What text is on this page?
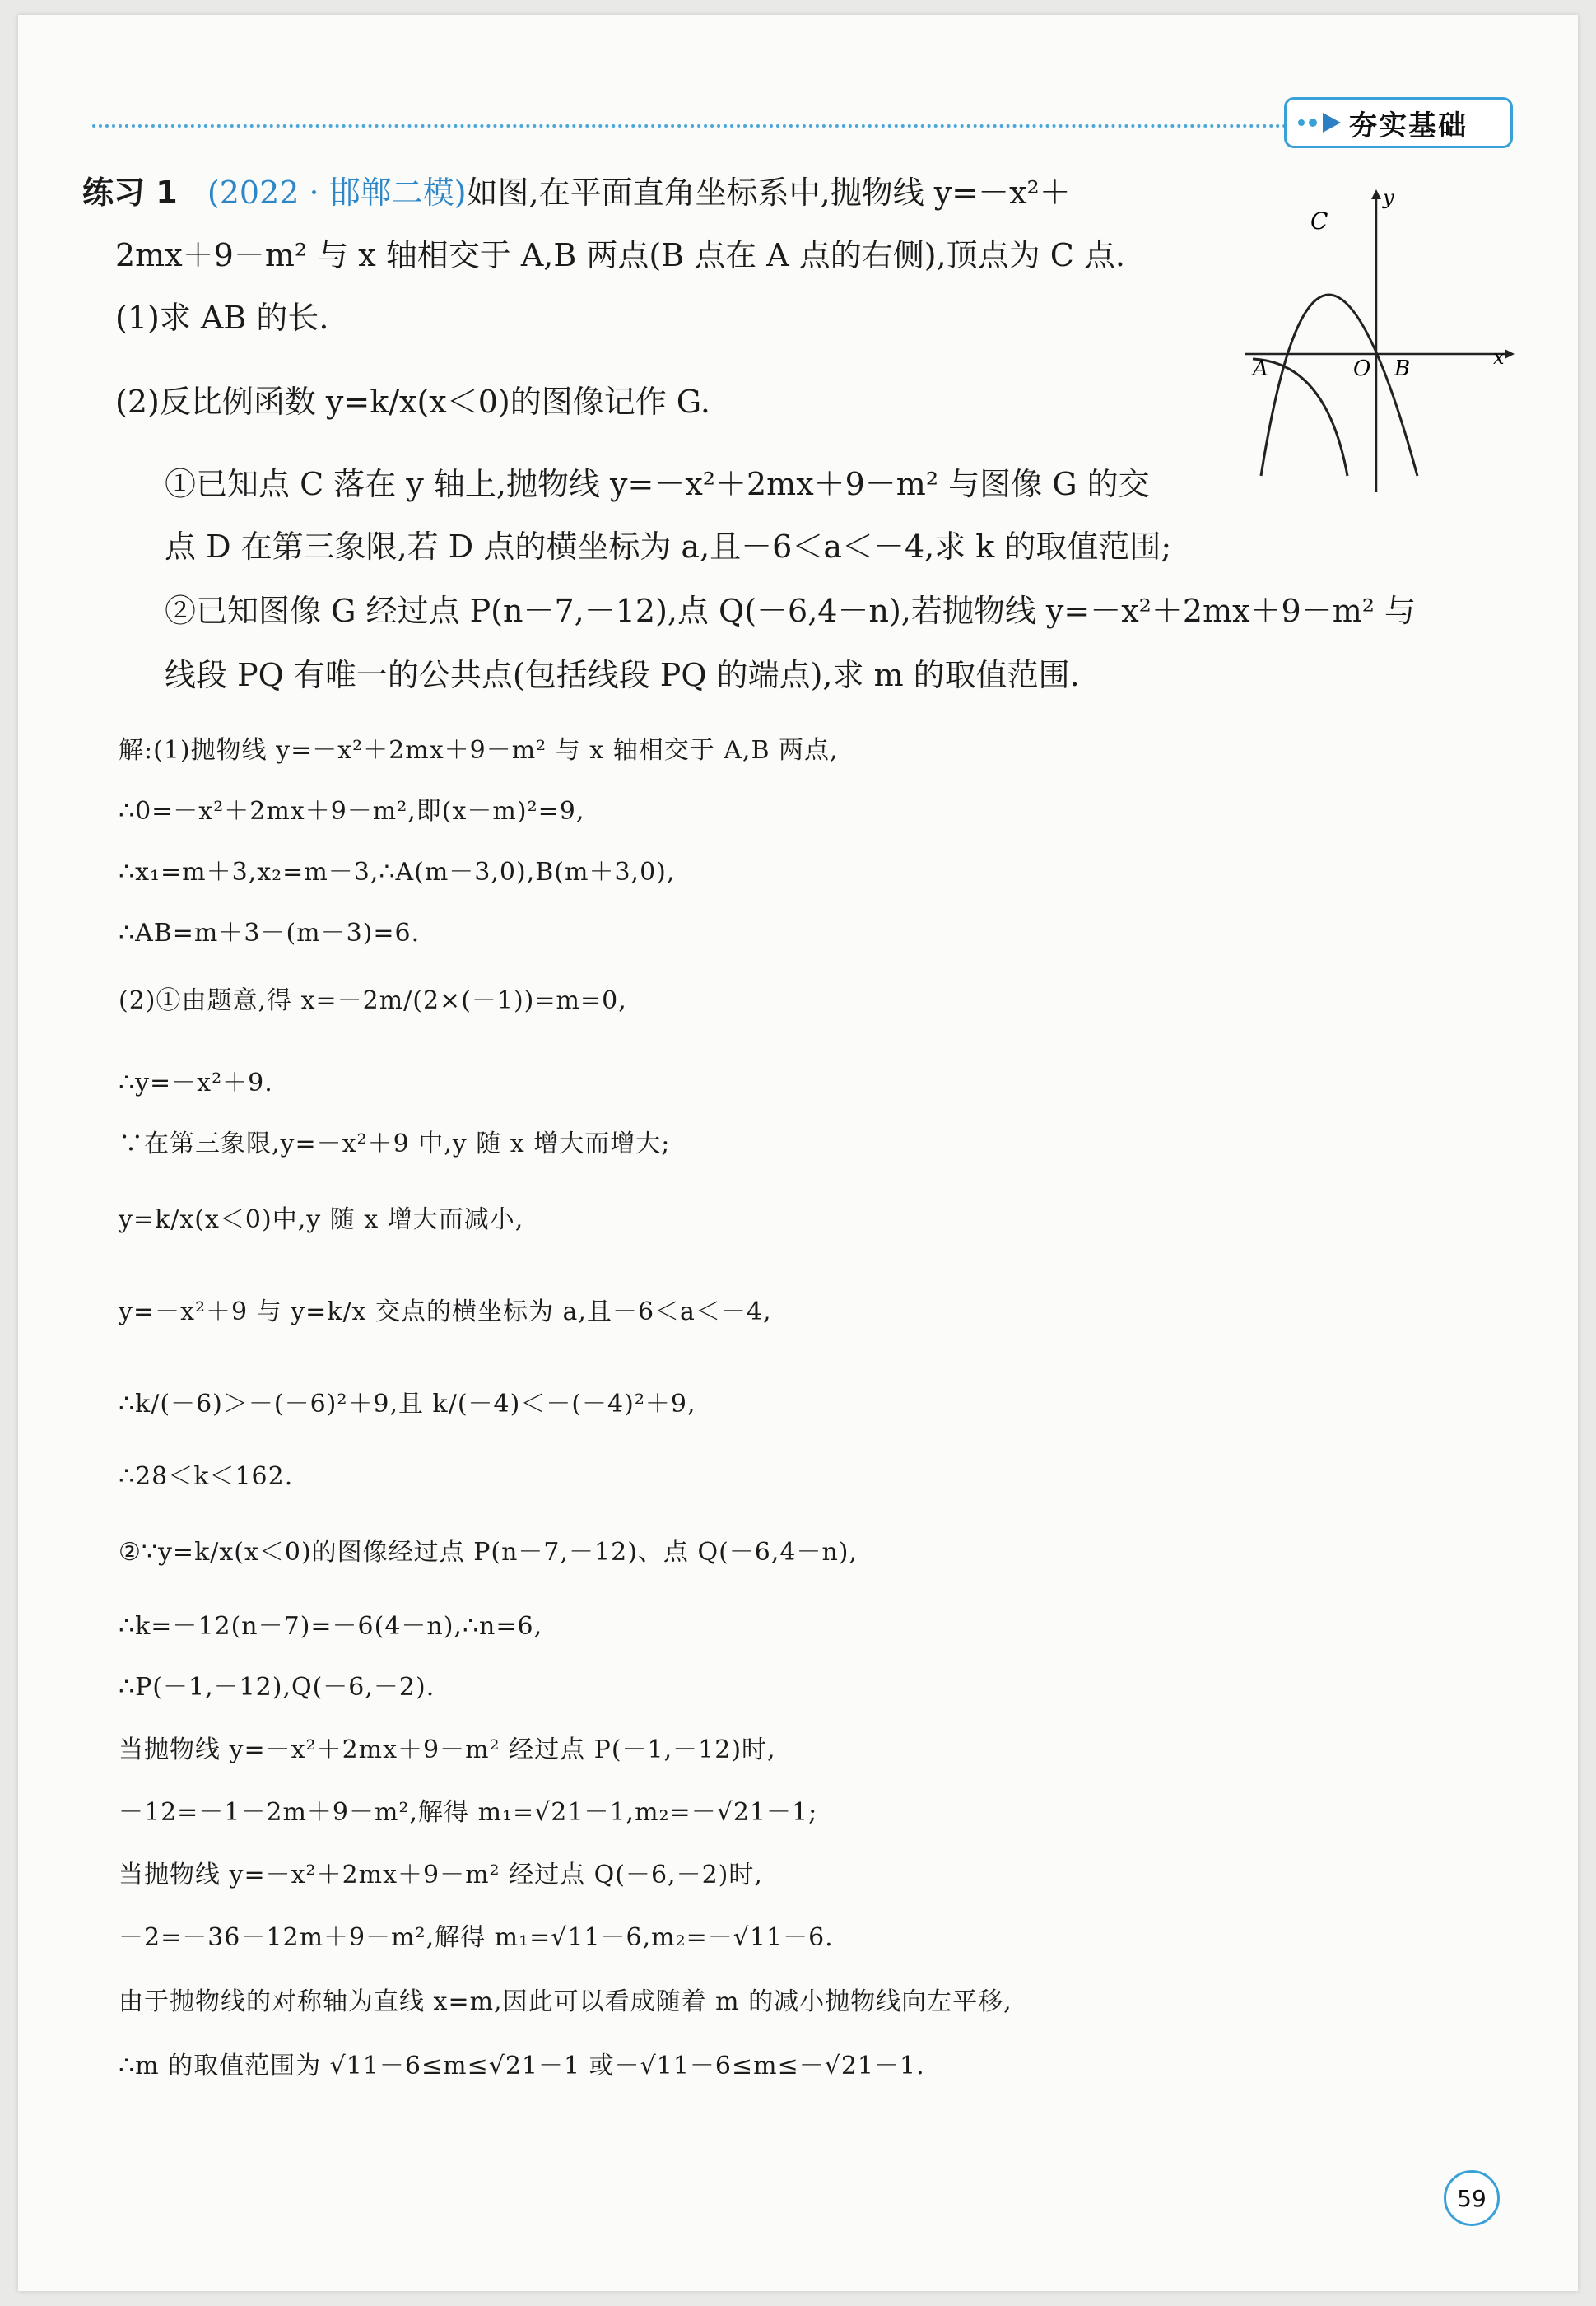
夯实基础
练习 1 (2022 · 邯郸二模)如图,在平面直角坐标系中,抛物线 y=－x²＋
2mx＋9－m² 与 x 轴相交于 A,B 两点(B 点在 A 点的右侧),顶点为 C 点.
(1)求 AB 的长.
(2)反比例函数 y=k/x(x＜0)的图像记作 G.
①已知点 C 落在 y 轴上,抛物线 y=－x²＋2mx＋9－m² 与图像 G 的交
点 D 在第三象限,若 D 点的横坐标为 a,且－6＜a＜－4,求 k 的取值范围;
②已知图像 G 经过点 P(n－7,－12),点 Q(－6,4－n),若抛物线 y=－x²＋2mx＋9－m² 与
线段 PQ 有唯一的公共点(包括线段 PQ 的端点),求 m 的取值范围.
C
y
A	O B	x
解:(1)抛物线 y=－x²＋2mx＋9－m² 与 x 轴相交于 A,B 两点,
∴0=－x²＋2mx＋9－m²,即(x－m)²=9,
∴x₁=m＋3,x₂=m－3,∴A(m－3,0),B(m＋3,0),
∴AB=m＋3－(m－3)=6.
(2)①由题意,得 x=－2m/(2×(－1))=m=0,
∴y=－x²＋9.
∵在第三象限,y=－x²＋9 中,y 随 x 增大而增大;
y=k/x(x＜0)中,y 随 x 增大而减小,
y=－x²＋9 与 y=k/x 交点的横坐标为 a,且－6＜a＜－4,
∴k/(－6)＞－(－6)²＋9,且 k/(－4)＜－(－4)²＋9,
∴28＜k＜162.
②∵y=k/x(x＜0)的图像经过点 P(n－7,－12)、点 Q(－6,4－n),
∴k=－12(n－7)=－6(4－n),∴n=6,
∴P(－1,－12),Q(－6,－2).
当抛物线 y=－x²＋2mx＋9－m² 经过点 P(－1,－12)时,
－12=－1－2m＋9－m²,解得 m₁=√21－1,m₂=－√21－1;
当抛物线 y=－x²＋2mx＋9－m² 经过点 Q(－6,－2)时,
－2=－36－12m＋9－m²,解得 m₁=√11－6,m₂=－√11－6.
由于抛物线的对称轴为直线 x=m,因此可以看成随着 m 的减小抛物线向左平移,
∴m 的取值范围为 √11－6≤m≤√21－1 或－√11－6≤m≤－√21－1.
59
